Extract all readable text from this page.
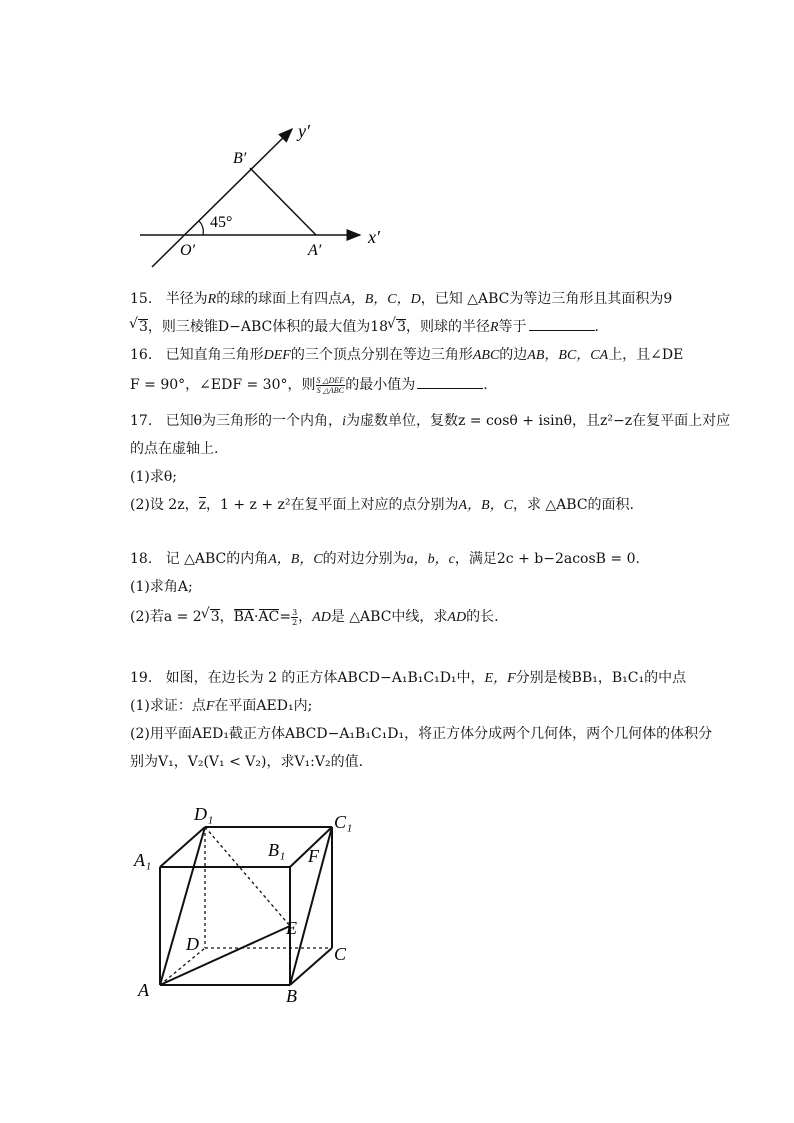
y′
B′
45°
O′	A′
x′
15. 半径为R的球的球面上有四点A，B，C，D，已知 △ABC为等边三角形且其面积为9
√ 3，则三棱锥D−ABC体积的最大值为18 √ 3，则球的半径R等于	.
16. 已知直角三角形DEF的三个顶点分别在等边三角形ABC的边AB，BC，CA上，且∠DE
F = 90°，∠EDF = 30°，则 $\frac{\text{S △DEF}}{\text{S △ABC}}$ 的最小值为	.
17. 已知θ为三角形的一个内角，i为虚数单位，复数z = cosθ + isinθ，且z²−z在复平面上对应
的点在虚轴上.
(1)求θ;
(2)设 2z，z，1 + z + z²在复平面上对应的点分别为A，B，C，求 △ABC的面积.
18. 记 △ABC的内角A，B，C的对边分别为a，b，c，满足2c + b−2acosB = 0.
(1)求角A;
(2)若a = 2 √ 3，$BA\cdot AC= \frac{3}{2}$ ，AD是 △ABC中线，求AD的长.
19. 如图，在边长为 2 的正方体ABCD−A₁B₁C₁D₁中，E，F分别是棱BB₁，B₁C₁的中点
(1)求证：点F在平面AED₁内;
(2)用平面AED₁截正方体ABCD−A₁B₁C₁D₁，将正方体分成两个几何体，两个几何体的体积分
别为V₁，V₂(V₁ < V₂)，求V₁:V₂的值.
D₁	C₁
A₁	B₁ F
E
D	C
A	B
